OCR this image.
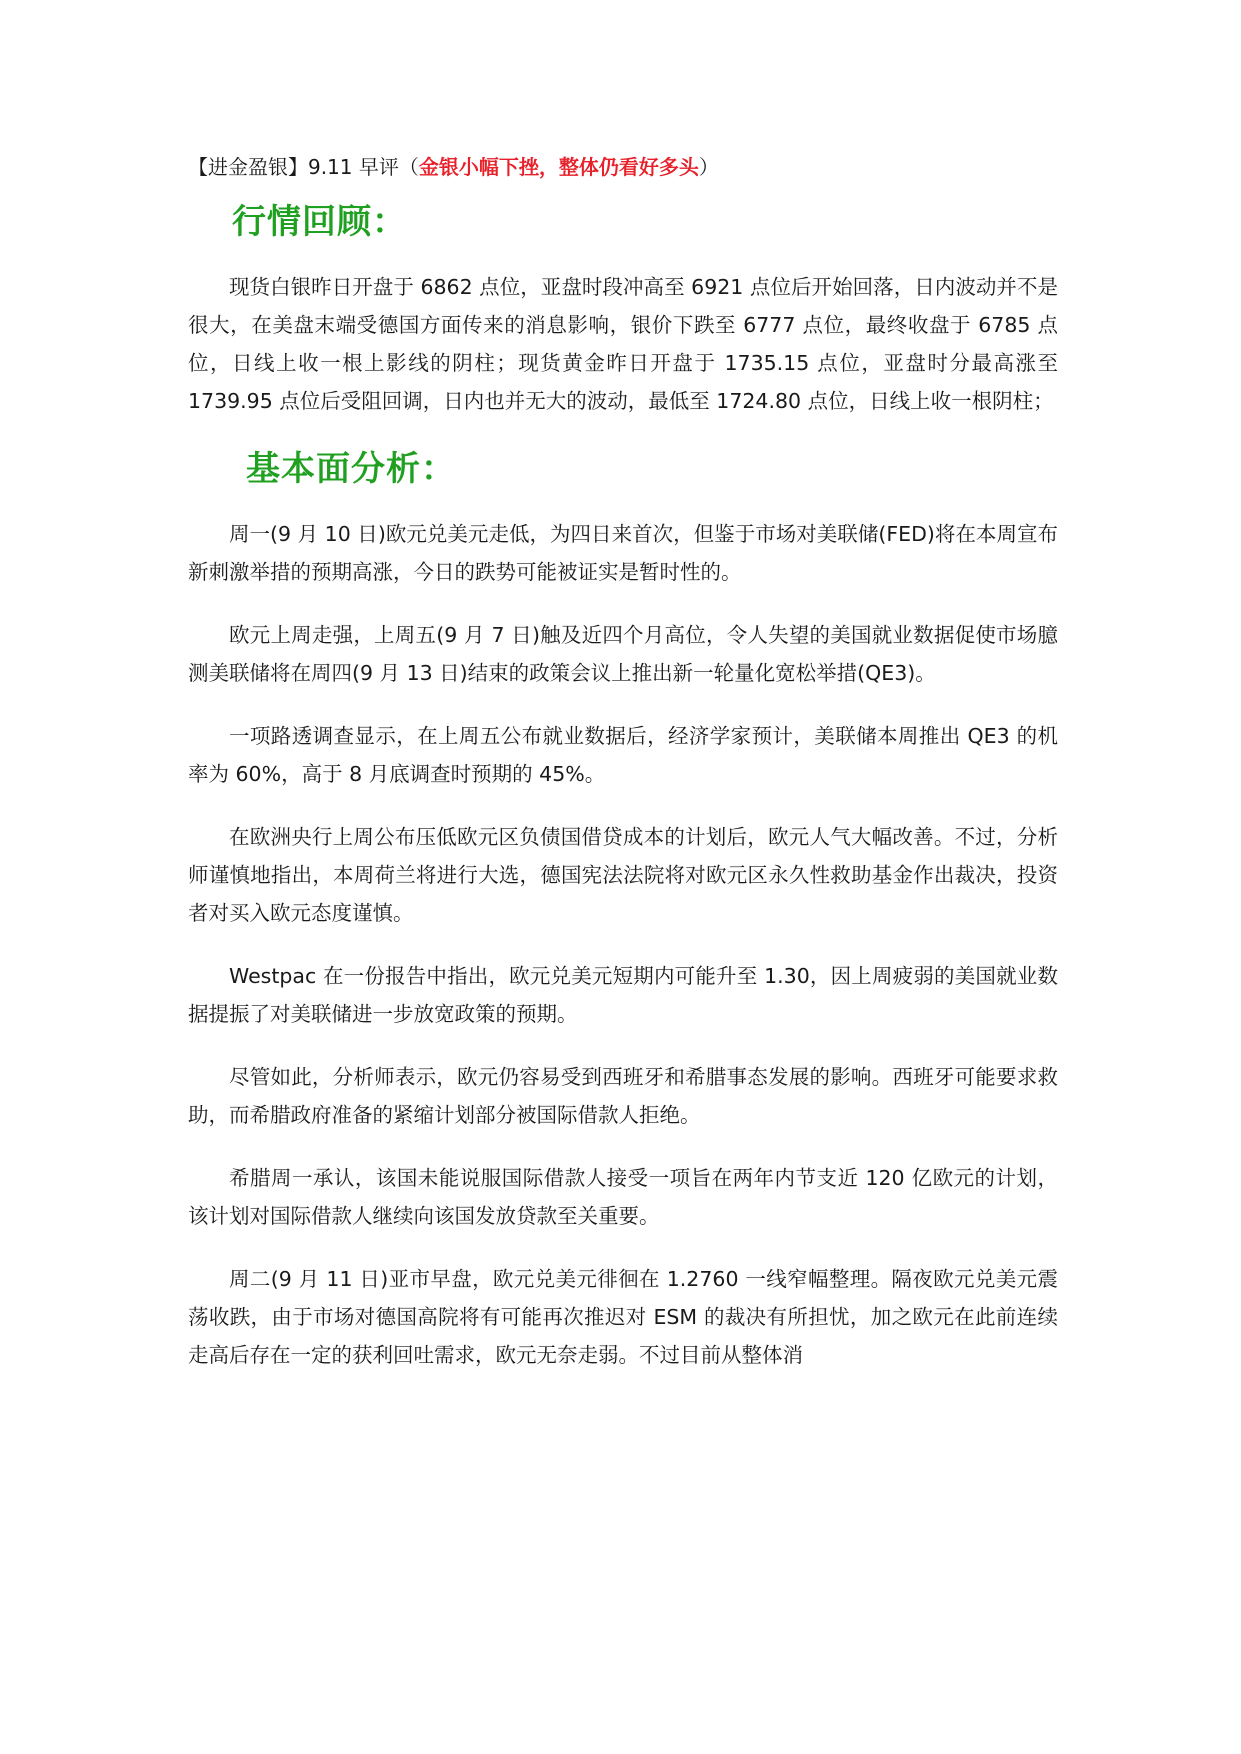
【进金盈银】9.11 早评（金银小幅下挫，整体仍看好多头）
行情回顾：

现货白银昨日开盘于 6862 点位，亚盘时段冲高至 6921 点位后开始回落，日内波动并不是很大，在美盘末端受德国方面传来的消息影响，银价下跌至 6777 点位，最终收盘于 6785 点位，日线上收一根上影线的阴柱；现货黄金昨日开盘于 1735.15 点位，亚盘时分最高涨至 1739.95 点位后受阻回调，日内也并无大的波动，最低至 1724.80 点位，日线上收一根阴柱；

基本面分析：

周一(9 月 10 日)欧元兑美元走低，为四日来首次，但鉴于市场对美联储(FED)将在本周宣布新刺激举措的预期高涨，今日的跌势可能被证实是暂时性的。

欧元上周走强，上周五(9 月 7 日)触及近四个月高位，令人失望的美国就业数据促使市场臆测美联储将在周四(9 月 13 日)结束的政策会议上推出新一轮量化宽松举措(QE3)。

一项路透调查显示，在上周五公布就业数据后，经济学家预计，美联储本周推出 QE3 的机率为 60%，高于 8 月底调查时预期的 45%。

在欧洲央行上周公布压低欧元区负债国借贷成本的计划后，欧元人气大幅改善。不过，分析师谨慎地指出，本周荷兰将进行大选，德国宪法法院将对欧元区永久性救助基金作出裁决，投资者对买入欧元态度谨慎。

Westpac 在一份报告中指出，欧元兑美元短期内可能升至 1.30，因上周疲弱的美国就业数据提振了对美联储进一步放宽政策的预期。

尽管如此，分析师表示，欧元仍容易受到西班牙和希腊事态发展的影响。西班牙可能要求救助，而希腊政府准备的紧缩计划部分被国际借款人拒绝。

希腊周一承认，该国未能说服国际借款人接受一项旨在两年内节支近 120 亿欧元的计划，该计划对国际借款人继续向该国发放贷款至关重要。

周二(9 月 11 日)亚市早盘，欧元兑美元徘徊在 1.2760 一线窄幅整理。隔夜欧元兑美元震荡收跌，由于市场对德国高院将有可能再次推迟对 ESM 的裁决有所担忧，加之欧元在此前连续走高后存在一定的获利回吐需求，欧元无奈走弱。不过目前从整体消
